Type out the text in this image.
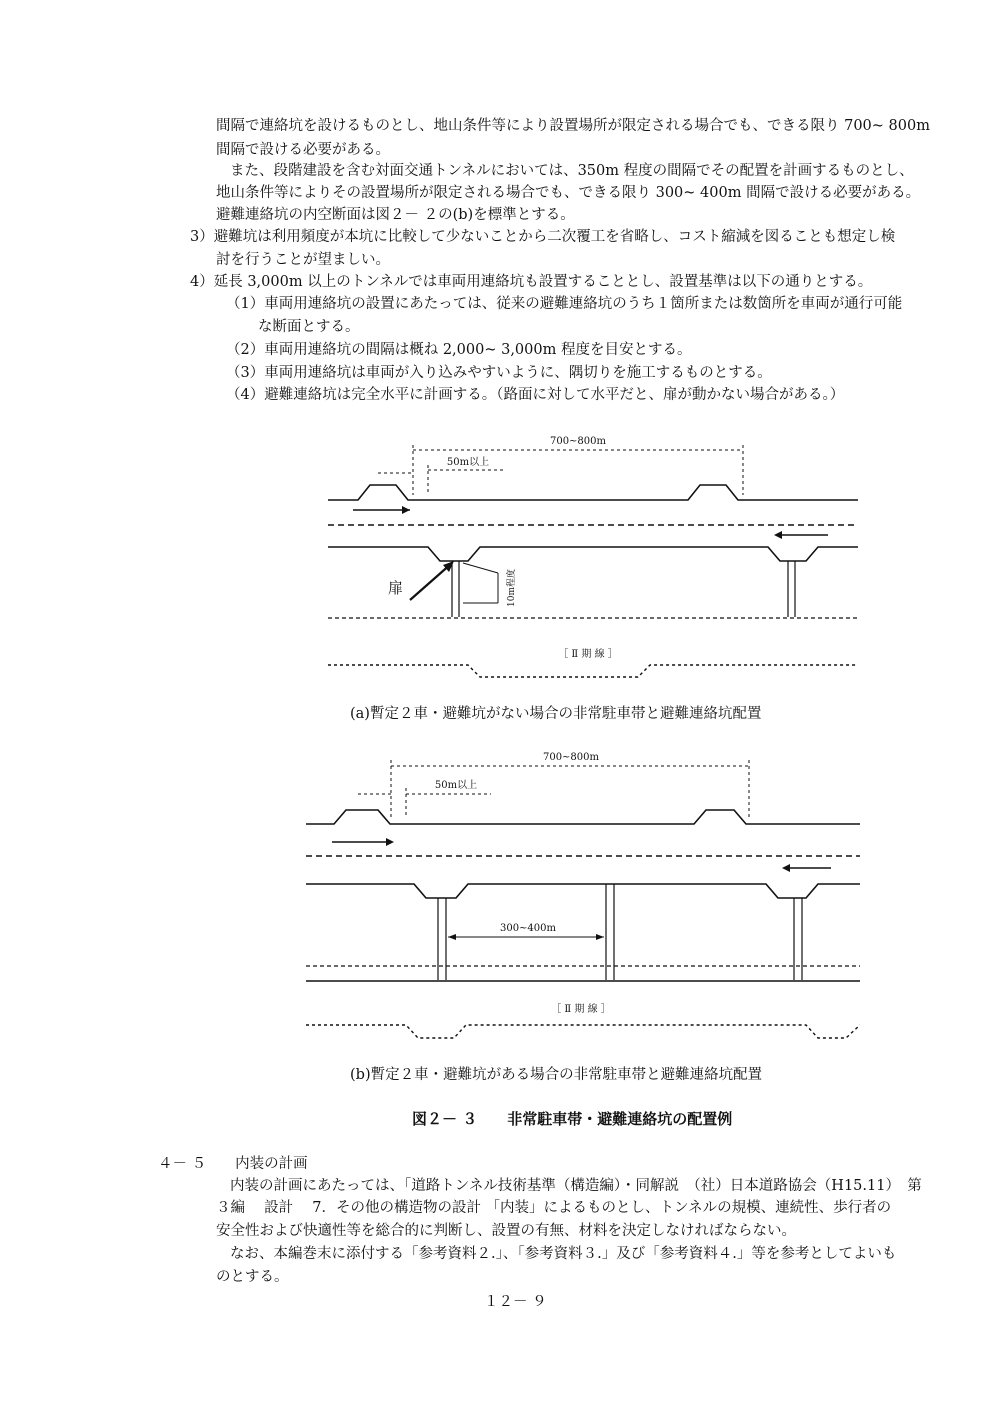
間隔で連絡坑を設けるものとし、地山条件等により設置場所が限定される場合でも、できる限り 700~ 800m
間隔で設ける必要がある。
また、段階建設を含む対面交通トンネルにおいては、350m 程度の間隔でその配置を計画するものとし、
地山条件等によりその設置場所が限定される場合でも、できる限り 300~ 400m 間隔で設ける必要がある。
避難連絡坑の内空断面は図２－ ２の(b)を標準とする。
3）避難坑は利用頻度が本坑に比較して少ないことから二次覆工を省略し、コスト縮減を図ることも想定し検
討を行うことが望ましい。
4）延長 3,000m 以上のトンネルでは車両用連絡坑も設置することとし、設置基準は以下の通りとする。
（1）車両用連絡坑の設置にあたっては、従来の避難連絡坑のうち１箇所または数箇所を車両が通行可能
な断面とする。
（2）車両用連絡坑の間隔は概ね 2,000~ 3,000m 程度を目安とする。
（3）車両用連絡坑は車両が入り込みやすいように、隅切りを施工するものとする。
（4）避難連絡坑は完全水平に計画する。（路面に対して水平だと、扉が動かない場合がある。）
700~800m
50m以上
10m程度
扉
［ Ⅱ 期 線 ］
(a)暫定２車・避難坑がない場合の非常駐車帯と避難連絡坑配置
700~800m
50m以上
300~400m
［ Ⅱ 期 線 ］
(b)暫定２車・避難坑がある場合の非常駐車帯と避難連絡坑配置
図２－ ３　　非常駐車帯・避難連絡坑の配置例
４－ ５　　内装の計画
内装の計画にあたっては、「道路トンネル技術基準（構造編）・同解説　（社）日本道路協会（H15.11）　第
３編　 設計　 7．その他の構造物の設計 「内装」によるものとし、トンネルの規模、連続性、歩行者の
安全性および快適性等を総合的に判断し、設置の有無、材料を決定しなければならない。
なお、本編巻末に添付する「参考資料２.」、「参考資料３.」及び「参考資料４.」等を参考としてよいも
のとする。
１２－ ９
